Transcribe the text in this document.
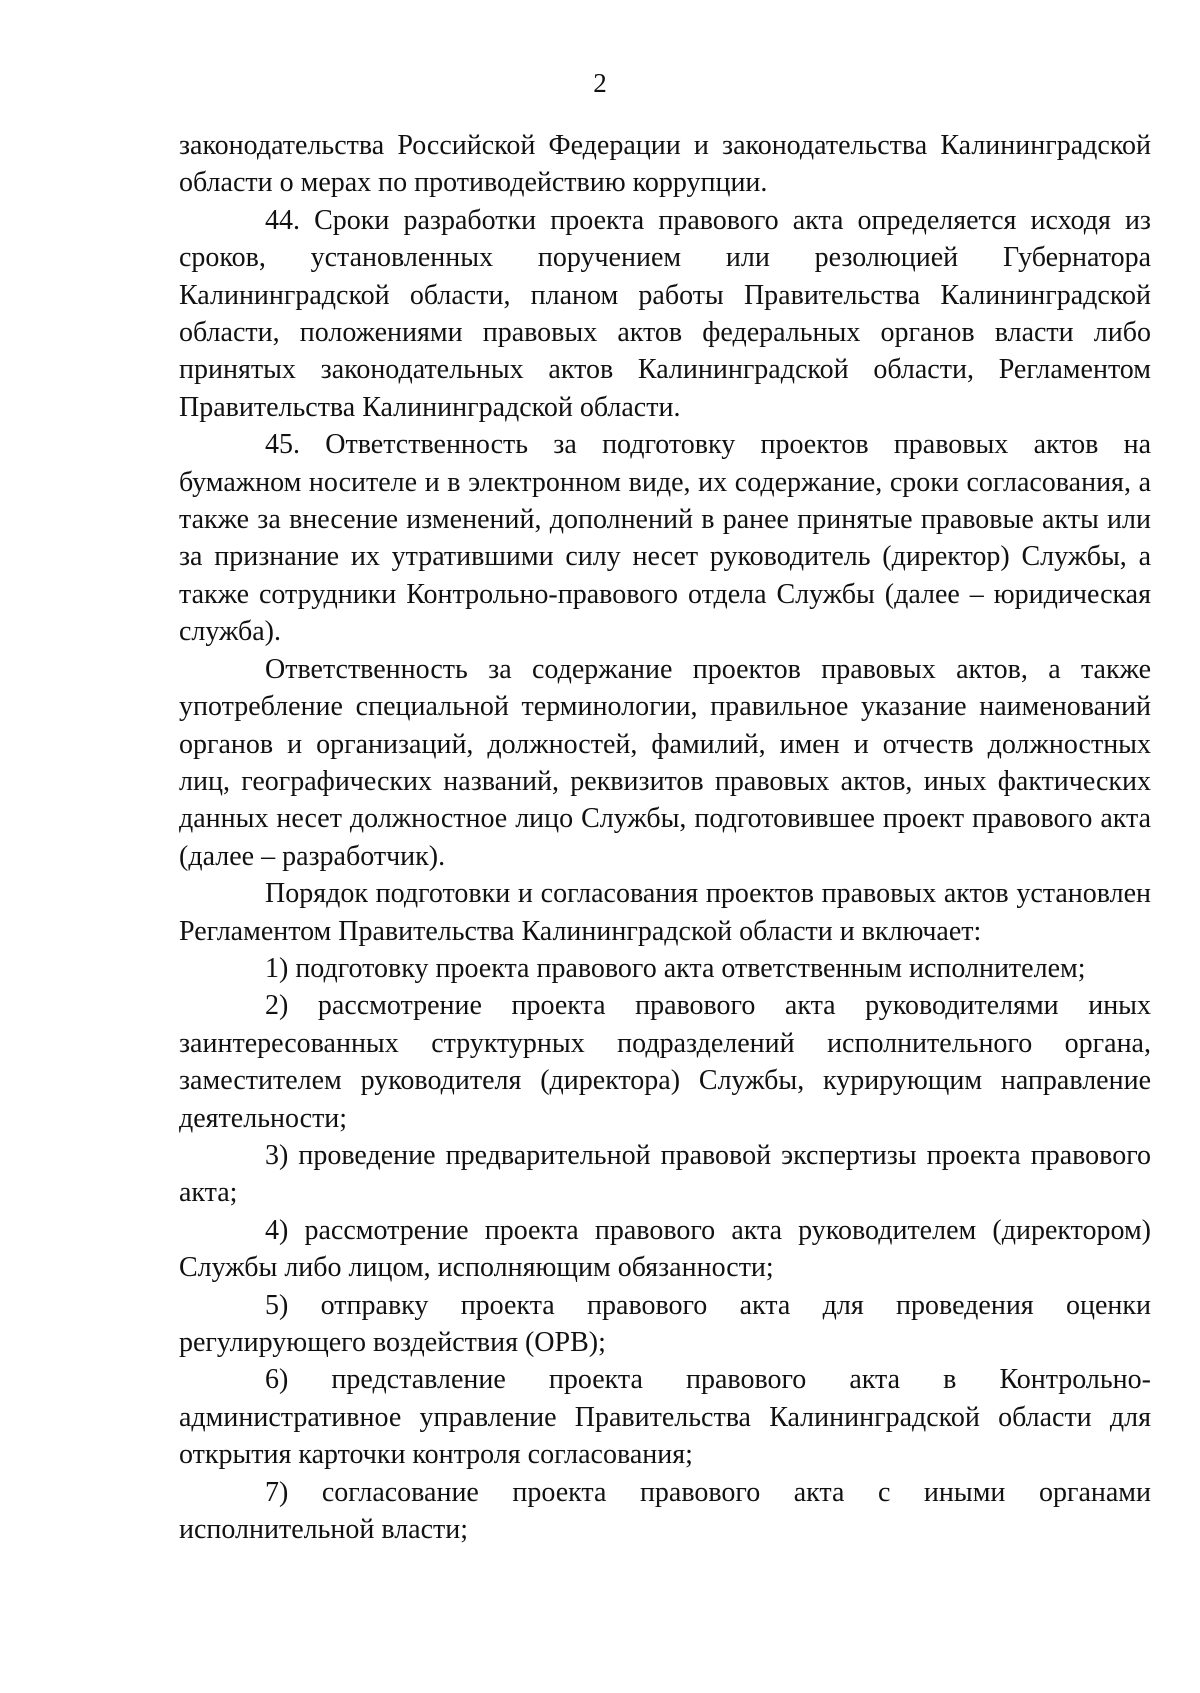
2

законодательства Российской Федерации и законодательства Калининградской области о мерах по противодействию коррупции.

44. Сроки разработки проекта правового акта определяется исходя из сроков, установленных поручением или резолюцией Губернатора Калининградской области, планом работы Правительства Калининградской области, положениями правовых актов федеральных органов власти либо принятых законодательных актов Калининградской области, Регламентом Правительства Калининградской области.

45. Ответственность за подготовку проектов правовых актов на бумажном носителе и в электронном виде, их содержание, сроки согласования, а также за внесение изменений, дополнений в ранее принятые правовые акты или за признание их утратившими силу несет руководитель (директор) Службы, а также сотрудники Контрольно-правового отдела Службы (далее – юридическая служба).

Ответственность за содержание проектов правовых актов, а также употребление специальной терминологии, правильное указание наименований органов и организаций, должностей, фамилий, имен и отчеств должностных лиц, географических названий, реквизитов правовых актов, иных фактических данных несет должностное лицо Службы, подготовившее проект правового акта (далее – разработчик).

Порядок подготовки и согласования проектов правовых актов установлен Регламентом Правительства Калининградской области и включает:

1) подготовку проекта правового акта ответственным исполнителем;

2) рассмотрение проекта правового акта руководителями иных заинтересованных структурных подразделений исполнительного органа, заместителем руководителя (директора) Службы, курирующим направление деятельности;

3) проведение предварительной правовой экспертизы проекта правового акта;

4) рассмотрение проекта правового акта руководителем (директором) Службы либо лицом, исполняющим обязанности;

5) отправку проекта правового акта для проведения оценки регулирующего воздействия (ОРВ);

6) представление проекта правового акта в Контрольно-административное управление Правительства Калининградской области для открытия карточки контроля согласования;

7) согласование проекта правового акта с иными органами исполнительной власти;
